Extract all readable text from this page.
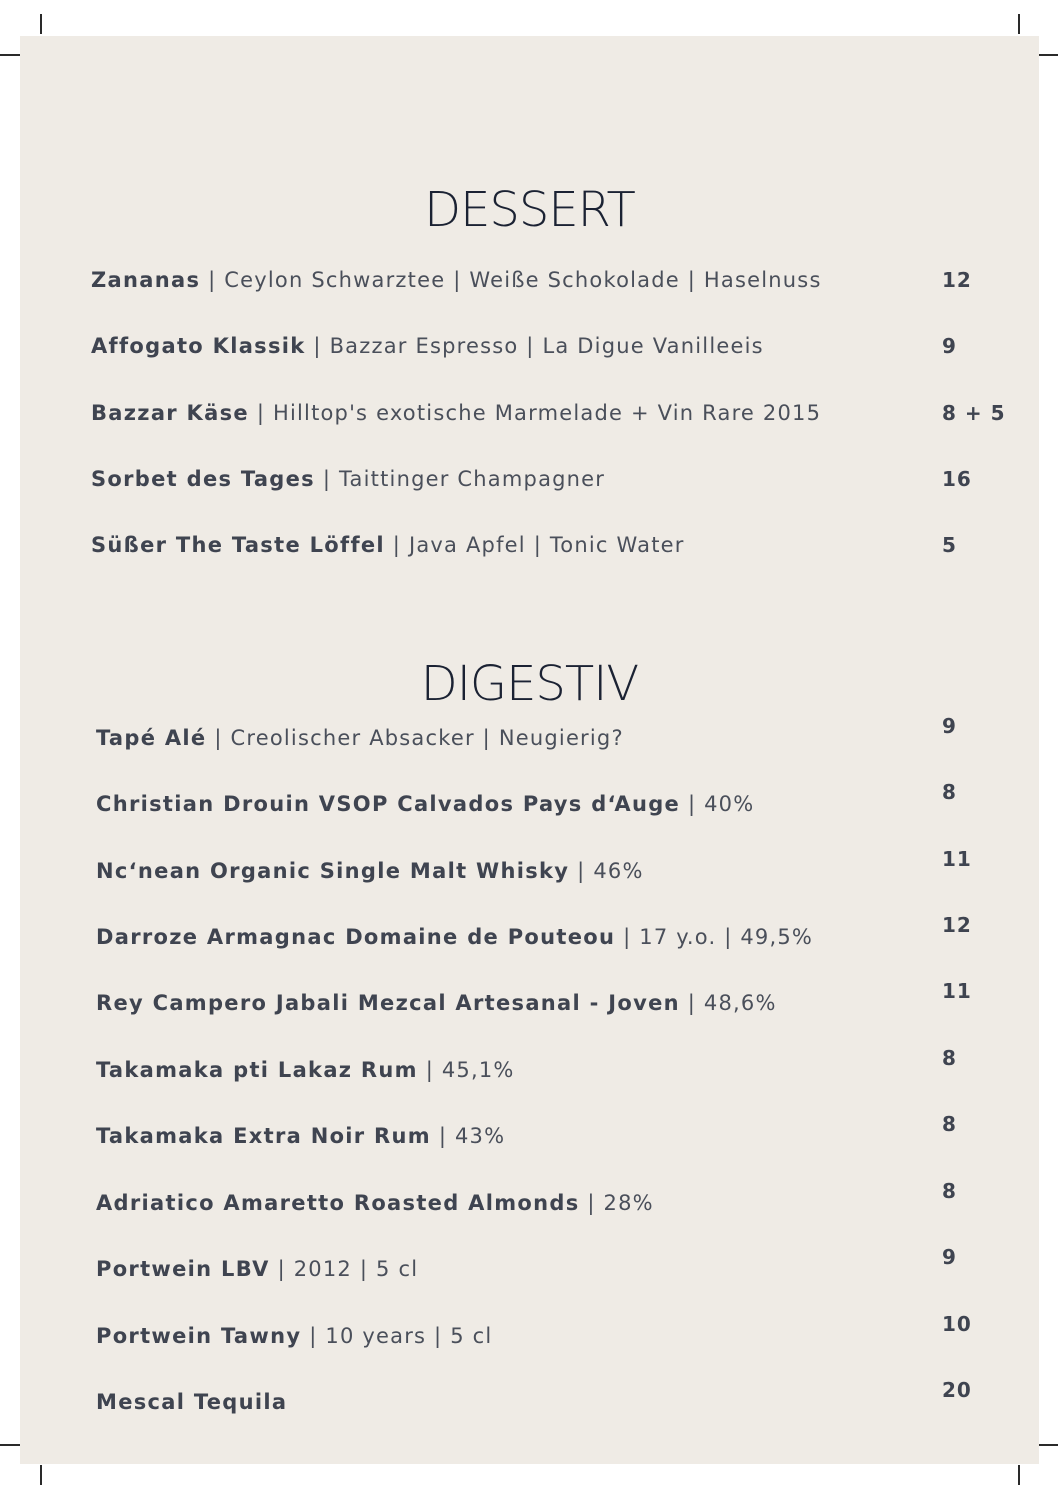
DESSERT
Zananas | Ceylon Schwarztee | Weiße Schokolade | Haselnuss	12
Affogato Klassik | Bazzar Espresso | La Digue Vanilleeis	9
Bazzar Käse | Hilltop's exotische Marmelade + Vin Rare 2015	8 + 5
Sorbet des Tages | Taittinger Champagner	16
Süßer The Taste Löffel | Java Apfel | Tonic Water	5
DIGESTIV
Tapé Alé | Creolischer Absacker | Neugierig?	9
Christian Drouin VSOP Calvados Pays d‘Auge | 40%	8
Nc‘nean Organic Single Malt Whisky | 46%	11
Darroze Armagnac Domaine de Pouteou | 17 y.o. | 49,5%	12
Rey Campero Jabali Mezcal Artesanal - Joven | 48,6%	11
Takamaka pti Lakaz Rum | 45,1%	8
Takamaka Extra Noir Rum | 43%	8
Adriatico Amaretto Roasted Almonds | 28%	8
Portwein LBV | 2012 | 5 cl	9
Portwein Tawny | 10 years | 5 cl	10
Mescal Tequila	20
